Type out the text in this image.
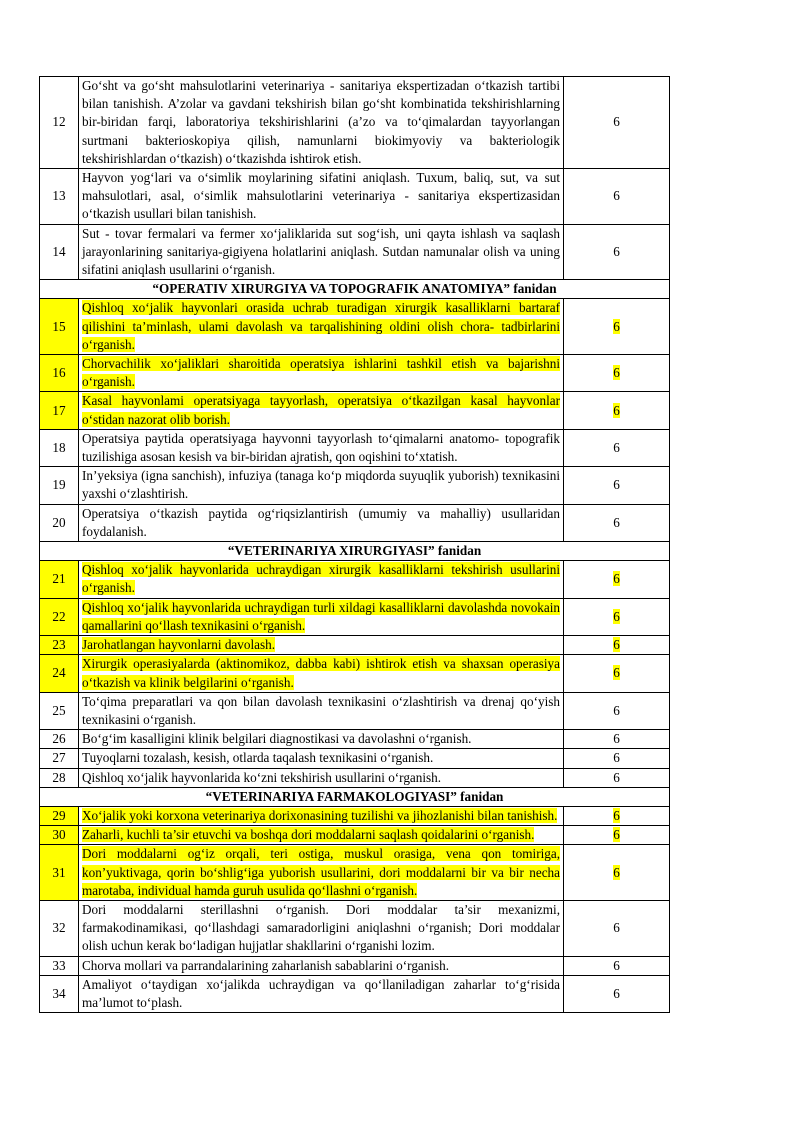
12	Go‘sht va go‘sht mahsulotlarini veterinariya - sanitariya ekspertizadan o‘tkazish tartibi bilan tanishish. A’zolar va gavdani tekshirish bilan go‘sht kombinatida tekshirishlarning bir-biridan farqi, laboratoriya tekshirishlarini (a’zo va to‘qimalardan tayyorlangan surtmani bakterioskopiya qilish, namunlarni biokimyoviy va bakteriologik tekshirishlardan o‘tkazish) o‘tkazishda ishtirok etish.	6
13	Hayvon yog‘lari va o‘simlik moylarining sifatini aniqlash. Tuxum, baliq, sut, va sut mahsulotlari, asal, o‘simlik mahsulotlarini veterinariya - sanitariya ekspertizasidan o‘tkazish usullari bilan tanishish.	6
14	Sut - tovar fermalari va fermer xo‘jaliklarida sut sog‘ish, uni qayta ishlash va saqlash jarayonlarining sanitariya-gigiyena holatlarini aniqlash. Sutdan namunalar olish va uning sifatini aniqlash usullarini o‘rganish.	6
“OPERATIV XIRURGIYA VA TOPOGRAFIK ANATOMIYA” fanidan		
15	Qishloq xo‘jalik hayvonlari orasida uchrab turadigan xirurgik kasalliklarni bartaraf qilishini ta’minlash, ulami davolash va tarqalishining oldini olish chora- tadbirlarini o‘rganish.	6
16	Chorvachilik xo‘jaliklari sharoitida operatsiya ishlarini tashkil etish va bajarishni o‘rganish.	6
17	Kasal hayvonlami operatsiyaga tayyorlash, operatsiya o‘tkazilgan kasal hayvonlar o‘stidan nazorat olib borish.	6
18	Operatsiya paytida operatsiyaga hayvonni tayyorlash to‘qimalarni anatomo- topografik tuzilishiga asosan kesish va bir-biridan ajratish, qon oqishini to‘xtatish.	6
19	In’yeksiya (igna sanchish), infuziya (tanaga ko‘p miqdorda suyuqlik yuborish) texnikasini yaxshi o‘zlashtirish.	6
20	Operatsiya o‘tkazish paytida og‘riqsizlantirish (umumiy va mahalliy) usullaridan foydalanish.	6
“VETERINARIYA XIRURGIYASI” fanidan		
21	Qishloq xo‘jalik hayvonlarida uchraydigan xirurgik kasalliklarni tekshirish usullarini o‘rganish.	6
22	Qishloq xo‘jalik hayvonlarida uchraydigan turli xildagi kasalliklarni davolashda novokain qamallarini qo‘llash texnikasini o‘rganish.	6
23	Jarohatlangan hayvonlarni davolash.	6
24	Xirurgik operasiyalarda (aktinomikoz, dabba kabi) ishtirok etish va shaxsan operasiya o‘tkazish va klinik belgilarini o‘rganish.	6
25	To‘qima preparatlari va qon bilan davolash texnikasini o‘zlashtirish va drenaj qo‘yish texnikasini o‘rganish.	6
26	Bo‘g‘im kasalligini klinik belgilari diagnostikasi va davolashni o‘rganish.	6
27	Tuyoqlarni tozalash, kesish, otlarda taqalash texnikasini o‘rganish.	6
28	Qishloq xo‘jalik hayvonlarida ko‘zni tekshirish usullarini o‘rganish.	6
“VETERINARIYA FARMAKOLOGIYASI” fanidan		
29	Xo‘jalik yoki korxona veterinariya dorixonasining tuzilishi va jihozlanishi bilan tanishish.	6
30	Zaharli, kuchli ta’sir etuvchi va boshqa dori moddalarni saqlash qoidalarini o‘rganish.	6
31	Dori moddalarni og‘iz orqali, teri ostiga, muskul orasiga, vena qon tomiriga, kon’yuktivaga, qorin bo‘shlig‘iga yuborish usullarini, dori moddalarni bir va bir necha marotaba, individual hamda guruh usulida qo‘llashni o‘rganish.	6
32	Dori moddalarni sterillashni o‘rganish. Dori moddalar ta’sir mexanizmi, farmakodinamikasi, qo‘llashdagi samaradorligini aniqlashni o‘rganish; Dori moddalar olish uchun kerak bo‘ladigan hujjatlar shakllarini o‘rganishi lozim.	6
33	Chorva mollari va parrandalarining zaharlanish sabablarini o‘rganish.	6
34	Amaliyot o‘taydigan xo‘jalikda uchraydigan va qo‘llaniladigan zaharlar to‘g‘risida ma’lumot to‘plash.	6
